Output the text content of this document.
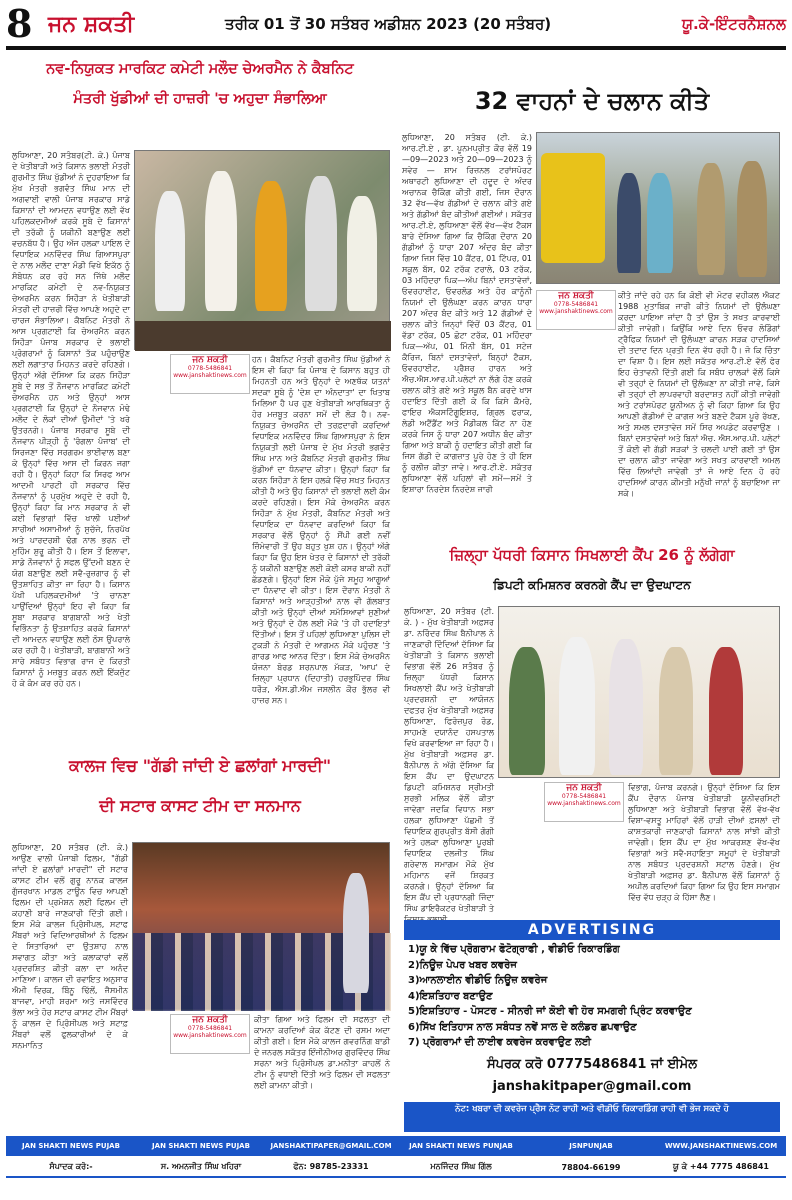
8 ਜਨ ਸ਼ਕਤੀ	ਤਰੀਕ 01 ਤੋਂ 30 ਸਤੰਬਰ ਅਡੀਸ਼ਨ 2023 (20 ਸਤੰਬਰ)	ਯੂ.ਕੇ-ਇੰਟਰਨੈਸ਼ਨਲ
ਨਵ-ਨਿਯੁਕਤ ਮਾਰਕਿਟ ਕਮੇਟੀ ਮਲੌਦ ਚੇਅਰਮੈਨ ਨੇ ਕੈਬਨਿਟ
ਮੰਤਰੀ ਖੁੱਡੀਆਂ ਦੀ ਹਾਜ਼ਰੀ 'ਚ ਅਹੁਦਾ ਸੰਭਾਲਿਆ
ਲੁਧਿਆਣਾ, 20 ਸਤੰਬਰ(ਟੀ. ਕੇ.) ਪੰਜਾਬ ਦੇ ਖੇਤੀਬਾੜੀ ਅਤੇ ਕਿਸਾਨ ਭਲਾਈ ਮੰਤਰੀ ਗੁਰਮੀਤ ਸਿੰਘ ਖੁੱਡੀਆਂ ਨੇ ਦੁਹਰਾਇਆ ਕਿ ਮੁੱਖ ਮੰਤਰੀ ਭਗਵੰਤ ਸਿੰਘ ਮਾਨ ਦੀ ਅਗਵਾਈ ਵਾਲੀ ਪੰਜਾਬ ਸਰਕਾਰ ਸਾਡੇ ਕਿਸਾਨਾਂ ਦੀ ਆਮਦਨ ਵਧਾਉਣ ਲਈ ਵੱਖ ਪਹਿਲਕਦਮੀਆਂ ਕਰਕੇ ਸੂਬੇ ਦੇ ਕਿਸਾਨਾਂ ਦੀ ਤਰੱਕੀ ਨੂੰ ਯਕੀਨੀ ਬਣਾਉਣ ਲਈ ਵਚਨਬੱਧ ਹੈ। ਉਹ ਅੱਜ ਹਲਕਾ ਪਾਇਲ ਦੇ ਵਿਧਾਇਕ ਮਨਵਿੰਦਰ ਸਿੰਘ ਗਿਆਸਪੁਰਾ ਦੇ ਨਾਲ ਮਲੌਦ ਦਾਣਾ ਮੰਡੀ ਵਿਖੇ ਇਕੱਠ ਨੂੰ ਸੰਬੋਧਨ ਕਰ ਰਹੇ ਸਨ ਜਿੱਥੇ ਮਲੌਦ ਮਾਰਕਿਟ ਕਮੇਟੀ ਦੇ ਨਵ-ਨਿਯੁਕਤ ਚੇਅਰਮੈਨ ਕਰਨ ਸਿਹੌੜਾ ਨੇ ਖੇਤੀਬਾੜੀ ਮੰਤਰੀ ਦੀ ਹਾਜ਼ਰੀ ਵਿੱਚ ਆਪਣੇ ਅਹੁਦੇ ਦਾ ਚਾਰਜ ਸੰਭਾਲਿਆ। ਕੈਬਨਿਟ ਮੰਤਰੀ ਨੇ ਆਸ ਪ੍ਰਗਟਾਈ ਕਿ ਚੇਅਰਮੈਨ ਕਰਨ ਸਿਹੌੜਾ ਪੰਜਾਬ ਸਰਕਾਰ ਦੇ ਭਲਾਈ ਪ੍ਰੋਗਰਾਮਾਂ ਨੂੰ ਕਿਸਾਨਾਂ ਤੱਕ ਪਹੁੰਚਾਉਣ ਲਈ ਲਗਾਤਾਰ ਮਿਹਨਤ ਕਰਦੇ ਰਹਿਣਗੇ। ਉਨ੍ਹਾਂ ਅੱਗੇ ਦੱਸਿਆ ਕਿ ਕਰਨ ਸਿਹੌੜਾ ਸੂਬੇ ਦੇ ਸਭ ਤੋਂ ਨੌਜਵਾਨ ਮਾਰਕਿਟ ਕਮੇਟੀ ਚੇਅਰਮੈਨ ਹਨ ਅਤੇ ਉਨ੍ਹਾਂ ਆਸ ਪ੍ਰਗਟਾਈ ਕਿ ਉਨ੍ਹਾਂ ਦੇ ਨੌਜਵਾਨ ਮੋਢੇ ਮਲੌਦ ਦੇ ਲੋਕਾਂ ਦੀਆਂ ਉਮੀਦਾਂ 'ਤੇ ਖਰੇ ਉਤਰਨਗੇ। ਪੰਜਾਬ ਸਰਕਾਰ ਸੂਬੇ ਦੀ ਨੌਜਵਾਨ ਪੀੜ੍ਹੀ ਨੂੰ 'ਰੰਗਲਾ ਪੰਜਾਬ' ਦੀ ਸਿਰਜਣਾ ਵਿੱਚ ਸਰਗਰਮ ਭਾਈਵਾਲ ਬਣਾ ਕੇ ਉਨ੍ਹਾਂ ਵਿੱਚ ਆਸ ਦੀ ਕਿਰਨ ਜਗਾ ਰਹੀ ਹੈ। ਉਨ੍ਹਾਂ ਕਿਹਾ ਕਿ ਸਿਰਫ ਆਮ ਆਦਮੀ ਪਾਰਟੀ ਹੀ ਸਰਕਾਰ ਵਿੱਚ ਨੌਜਵਾਨਾਂ ਨੂੰ ਪ੍ਰਮੁੱਖ ਅਹੁਦੇ ਦੇ ਰਹੀ ਹੈ, ਉਨ੍ਹਾਂ ਕਿਹਾ ਕਿ ਮਾਨ ਸਰਕਾਰ ਨੇ ਵੀ ਕਈ ਵਿਭਾਗਾਂ ਵਿੱਚ ਖਾਲੀ ਪਈਆਂ ਸਾਰੀਆਂ ਅਸਾਮੀਆਂ ਨੂੰ ਸੁਚੱਜੇ, ਨਿਰਪੱਖ ਅਤੇ ਪਾਰਦਰਸ਼ੀ ਢੰਗ ਨਾਲ ਭਰਨ ਦੀ ਮੁਹਿੰਮ ਸ਼ੁਰੂ ਕੀਤੀ ਹੈ। ਇਸ ਤੋਂ ਇਲਾਵਾ, ਸਾਡੇ ਨੌਜਵਾਨਾਂ ਨੂੰ ਸਫਲ ਉੱਦਮੀ ਬਣਨ ਦੇ ਯੋਗ ਬਣਾਉਣ ਲਈ ਸਵੈ-ਰੁਜ਼ਗਾਰ ਨੂੰ ਵੀ ਉਤਸ਼ਾਹਿਤ ਕੀਤਾ ਜਾ ਰਿਹਾ ਹੈ। ਕਿਸਾਨ ਪੱਖੀ ਪਹਿਲਕਦਮੀਆਂ 'ਤੇ ਚਾਨਣਾ ਪਾਉਂਦਿਆਂ ਉਨ੍ਹਾਂ ਇਹ ਵੀ ਕਿਹਾ ਕਿ ਸੂਬਾ ਸਰਕਾਰ ਬਾਗਬਾਨੀ ਅਤੇ ਖੇਤੀ ਵਿਭਿੰਨਤਾ ਨੂੰ ਉਤਸ਼ਾਹਿਤ ਕਰਕੇ ਕਿਸਾਨਾਂ ਦੀ ਆਮਦਨ ਵਧਾਉਣ ਲਈ ਠੋਸ ਉਪਰਾਲੇ ਕਰ ਰਹੀ ਹੈ। ਖੇਤੀਬਾੜੀ, ਬਾਗਬਾਨੀ ਅਤੇ ਸਾਰੇ ਸਬੰਧਤ ਵਿਭਾਗ ਰਾਜ ਦੇ ਕਿਰਤੀ ਕਿਸਾਨਾਂ ਨੂੰ ਮਜ਼ਬੂਤ ਕਰਨ ਲਈ ਇੱਕਜੁੱਟ ਹੋ ਕੇ ਕੰਮ ਕਰ ਰਹੇ ਹਨ।
ਜਨ ਸ਼ਕਤੀ
0778-5486841
www.janshaktinews.com
ਹਨ। ਕੈਬਨਿਟ ਮੰਤਰੀ ਗੁਰਮੀਤ ਸਿੰਘ ਖੁੱਡੀਆਂ ਨੇ ਇਸ ਵੀ ਕਿਹਾ ਕਿ ਪੰਜਾਬ ਦੇ ਕਿਸਾਨ ਬਹੁਤ ਹੀ ਮਿਹਨਤੀ ਹਨ ਅਤੇ ਉਨ੍ਹਾਂ ਦੇ ਅਣਥੱਕ ਯਤਨਾਂ ਸਦਕਾ ਸੂਬੇ ਨੂੰ 'ਦੇਸ਼ ਦਾ ਅੰਨਦਾਤਾ' ਦਾ ਖਿਤਾਬ ਮਿਲਿਆ ਹੈ ਪਰ ਹੁਣ ਖੇਤੀਬਾੜੀ ਆਰਥਿਕਤਾ ਨੂੰ ਹੋਰ ਮਜ਼ਬੂਤ ਕਰਨਾ ਸਮੇਂ ਦੀ ਲੋੜ ਹੈ। ਨਵ-ਨਿਯੁਕਤ ਚੇਅਰਮੈਨ ਦੀ ਤਰਫ਼ਦਾਰੀ ਕਰਦਿਆਂ ਵਿਧਾਇਕ ਮਨਵਿੰਦਰ ਸਿੰਘ ਗਿਆਸਪੁਰਾ ਨੇ ਇਸ ਨਿਯੁਕਤੀ ਲਈ ਪੰਜਾਬ ਦੇ ਮੁੱਖ ਮੰਤਰੀ ਭਗਵੰਤ ਸਿੰਘ ਮਾਨ ਅਤੇ ਕੈਬਨਿਟ ਮੰਤਰੀ ਗੁਰਮੀਤ ਸਿੰਘ ਖੁੱਡੀਆਂ ਦਾ ਧੰਨਵਾਦ ਕੀਤਾ। ਉਨ੍ਹਾਂ ਕਿਹਾ ਕਿ ਕਰਨ ਸਿਹੌੜਾ ਨੇ ਇਸ ਹਲਕੇ ਵਿੱਚ ਸਖ਼ਤ ਮਿਹਨਤ ਕੀਤੀ ਹੈ ਅਤੇ ਉਹ ਕਿਸਾਨਾਂ ਦੀ ਭਲਾਈ ਲਈ ਕੰਮ ਕਰਦੇ ਰਹਿਣਗੇ। ਇਸ ਮੌਕੇ ਚੇਅਰਮੈਨ ਕਰਨ ਸਿਹੌੜਾ ਨੇ ਮੁੱਖ ਮੰਤਰੀ, ਕੈਬਨਿਟ ਮੰਤਰੀ ਅਤੇ ਵਿਧਾਇਕ ਦਾ ਧੰਨਵਾਦ ਕਰਦਿਆਂ ਕਿਹਾ ਕਿ ਸਰਕਾਰ ਵੱਲੋਂ ਉਨ੍ਹਾਂ ਨੂੰ ਸੌਂਪੀ ਗਈ ਨਵੀਂ ਜ਼ਿੰਮੇਵਾਰੀ ਤੋਂ ਉਹ ਬਹੁਤ ਖੁਸ਼ ਹਨ। ਉਨ੍ਹਾਂ ਅੱਗੇ ਕਿਹਾ ਕਿ ਉਹ ਇਸ ਖੇਤਰ ਦੇ ਕਿਸਾਨਾਂ ਦੀ ਤਰੱਕੀ ਨੂੰ ਯਕੀਨੀ ਬਣਾਉਣ ਲਈ ਕੋਈ ਕਸਰ ਬਾਕੀ ਨਹੀਂ ਛੱਡਣਗੇ। ਉਨ੍ਹਾਂ ਇਸ ਮੌਕੇ ਪੁੱਜੇ ਸਮੂਹ ਆਗੂਆਂ ਦਾ ਧੰਨਵਾਦ ਵੀ ਕੀਤਾ। ਇਸ ਦੌਰਾਨ ਮੰਤਰੀ ਨੇ ਕਿਸਾਨਾਂ ਅਤੇ ਆੜ੍ਹਤੀਆਂ ਨਾਲ ਵੀ ਗੱਲਬਾਤ ਕੀਤੀ ਅਤੇ ਉਨ੍ਹਾਂ ਦੀਆਂ ਸਮੱਸਿਆਵਾਂ ਸੁਣੀਆਂ ਅਤੇ ਉਨ੍ਹਾਂ ਦੇ ਹੱਲ ਲਈ ਮੌਕੇ 'ਤੇ ਹੀ ਹਦਾਇਤਾਂ ਦਿੱਤੀਆਂ। ਇਸ ਤੋਂ ਪਹਿਲਾਂ ਲੁਧਿਆਣਾ ਪੁਲਿਸ ਦੀ ਟੁਕੜੀ ਨੇ ਮੰਤਰੀ ਦੇ ਆਗਮਨ ਮੌਕੇ ਪਹੁੰਚਣ 'ਤੇ ਗਾਰਡ ਆਫ ਆਨਰ ਦਿੱਤਾ। ਇਸ ਮੌਕੇ ਚੇਅਰਮੈਨ ਯੋਜਨਾ ਬੋਰਡ ਸ਼ਰਨਪਾਲ ਮੱਕੜ, 'ਆਪ' ਦੇ ਜ਼ਿਲ੍ਹਾ ਪ੍ਰਧਾਨ (ਦਿਹਾਤੀ) ਹਰਭੁਪਿੰਦਰ ਸਿੰਘ ਧਰੌੜ, ਐਸ.ਡੀ.ਐਮ ਜਸਲੀਨ ਕੌਰ ਭੁੱਲਰ ਵੀ ਹਾਜ਼ਰ ਸਨ।
ਕਾਲਜ ਵਿਚ "ਗੱਡੀ ਜਾਂਦੀ ਏ ਛਲਾਂਗਾਂ ਮਾਰਦੀ"
ਦੀ ਸਟਾਰ ਕਾਸਟ ਟੀਮ ਦਾ ਸਨਮਾਨ
ਲੁਧਿਆਣਾ, 20 ਸਤੰਬਰ (ਟੀ. ਕੇ.) ਆਉਣ ਵਾਲੀ ਪੰਜਾਬੀ ਫਿਲਮ, "ਗੱਡੀ ਜਾਂਦੀ ਏ ਛਲਾਂਗਾਂ ਮਾਰਦੀ" ਦੀ ਸਟਾਰ ਕਾਸਟ ਟੀਮ ਵਲੋਂ ਗੁਰੂ ਨਾਨਕ ਕਾਲਜ ਗੁੱਜਰਖਾਨ ਮਾਡਲ ਟਾਊਨ ਵਿਚ ਆਪਣੀ ਫਿਲਮ ਦੀ ਪ੍ਰਮੋਸ਼ਨ ਲਈ ਫਿਲਮ ਦੀ ਕਹਾਣੀ ਬਾਰੇ ਜਾਣਕਾਰੀ ਦਿੱਤੀ ਗਈ। ਇਸ ਮੌਕੇ ਕਾਲਜ ਪ੍ਰਿੰਸੀਪਲ, ਸਟਾਫ ਮੈਂਬਰਾਂ ਅਤੇ ਵਿਦਿਆਰਥੀਆਂ ਨੇ ਫਿਲਮ ਦੇ ਸਿਤਾਰਿਆਂ ਦਾ ਉਤਸ਼ਾਹ ਨਾਲ ਸਵਾਗਤ ਕੀਤਾ ਅਤੇ ਕਲਾਕਾਰਾਂ ਵਲੋਂ ਪ੍ਰਦਰਸ਼ਿਤ ਕੀਤੀ ਕਲਾ ਦਾ ਅਨੰਦ ਮਾਣਿਆ। ਕਾਲਜ ਦੀ ਰਵਾਇਤ ਅਨੁਸਾਰ ਐਮੀ ਵਿਰਕ, ਬਿੰਨੂ ਢਿੱਲੋਂ, ਜੈਸਮੀਨ ਬਾਜਵਾ, ਮਾਹੀ ਸ਼ਰਮਾ ਅਤੇ ਜਸਵਿੰਦਰ ਭੱਲਾ ਅਤੇ ਹੋਰ ਸਟਾਰ ਕਾਸਟ ਟੀਮ ਮੈਂਬਰਾਂ ਨੂੰ ਕਾਲਜ ਦੇ ਪ੍ਰਿੰਸੀਪਲ ਅਤੇ ਸਟਾਫ਼ ਮੈਂਬਰਾਂ ਵਲੋਂ ਫੁਲਕਾਰੀਆਂ ਦੇ ਕੇ ਸਨਮਾਨਿਤ
ਜਨ ਸ਼ਕਤੀ
0778-5486841
www.janshaktinews.com
ਕੀਤਾ ਗਿਆ ਅਤੇ ਫਿਲਮ ਦੀ ਸਫਲਤਾ ਦੀ ਕਾਮਨਾ ਕਰਦਿਆਂ ਕੇਕ ਕੱਟਣ ਦੀ ਰਸਮ ਅਦਾ ਕੀਤੀ ਗਈ। ਇਸ ਮੌਕੇ ਕਾਲਜ ਗਵਰਨਿੰਗ ਬਾਡੀ ਦੇ ਜਨਰਲ ਸਕੱਤਰ ਇੰਜੀਨੀਅਰ ਗੁਰਵਿੰਦਰ ਸਿੰਘ ਸਰਨਾ ਅਤੇ ਪ੍ਰਿੰਸੀਪਲ ਡਾ.ਮਨੀਤਾ ਕਾਹਲੋਂ ਨੇ ਟੀਮ ਨੂੰ ਵਧਾਈ ਦਿੱਤੀ ਅਤੇ ਫਿਲਮ ਦੀ ਸਫਲਤਾ ਲਈ ਕਾਮਨਾ ਕੀਤੀ।
32 ਵਾਹਨਾਂ ਦੇ ਚਲਾਨ ਕੀਤੇ
ਲੁਧਿਆਣਾ, 20 ਸਤੰਬਰ (ਟੀ. ਕੇ.) ਆਰ.ਟੀ.ਏ , ਡਾ. ਪੂਨਮਪ੍ਰੀਤ ਕੌਰ ਵੱਲੋਂ 19—09—2023 ਅਤੇ 20—09—2023 ਨੂੰ ਸਵੇਰ — ਸ਼ਾਮ ਰਿਜ਼ਨਲ ਟਰਾਂਸਪੋਰਟ ਅਥਾਰਟੀ ਲੁਧਿਆਣਾ ਦੀ ਹਦੂਦ ਦੇ ਅੰਦਰ ਅਚਾਨਕ ਚੈਕਿੰਗ ਕੀਤੀ ਗਈ, ਜਿਸ ਦੌਰਾਨ 32 ਵੱਖ—ਵੱਖ ਗੱਡੀਆਂ ਦੇ ਚਲਾਨ ਕੀਤੇ ਗਏ ਅਤੇ ਗੱਡੀਆਂ ਬੰਦ ਕੀਤੀਆਂ ਗਈਆਂ। ਸਕੱਤਰ ਆਰ.ਟੀ.ਏ, ਲੁਧਿਆਣਾ ਵੱਲੋਂ ਵੱਖ—ਵੱਖ ਟੈਕਸ ਬਾਰੇ ਦੱਸਿਆ ਗਿਆ ਕਿ ਚੈਕਿੰਗ ਦੌਰਾਨ 20 ਗੱਡੀਆਂ ਨੂੰ ਧਾਰਾ 207 ਅੰਦਰ ਬੰਦ ਕੀਤਾ ਗਿਆ ਜਿਸ ਵਿੱਚ 10 ਕੈਂਟਰ, 01 ਟਿੱਪਰ, 01 ਸਕੂਲ ਬੱਸ, 02 ਟਰੱਕ ਟਰਾਲੇ, 03 ਟਰੱਕ, 03 ਮਹਿੰਦਰਾ ਪਿਕ—ਅੱਪ ਬਿਨਾਂ ਦਸਤਾਵੇਜ਼ਾਂ, ਓਵਰਹਾਈਟ, ਓਵਰਲੋਡ ਅਤੇ ਹੋਰ ਕਾਨੂੰਨੀ ਨਿਯਮਾਂ ਦੀ ਉਲੰਘਣਾ ਕਰਨ ਕਾਰਨ ਧਾਰਾ 207 ਅੰਦਰ ਬੰਦ ਕੀਤੇ ਅਤੇ 12 ਗੱਡੀਆਂ ਦੇ ਚਲਾਨ ਕੀਤੇ ਜਿਨ੍ਹਾਂ ਵਿੱਚੋਂ 03 ਕੈਂਟਰ, 01 ਵੱਡਾ ਟਰੱਕ, 05 ਛੋਟਾ ਟਰੱਕ, 01 ਮਹਿੰਦਰਾ ਪਿਕ—ਅੱਪ, 01 ਮਿੰਨੀ ਬੱਸ, 01 ਸਟੇਜ ਕੈਰਿਜ, ਬਿਨਾਂ ਦਸਤਾਵੇਜ਼ਾਂ, ਬਿਨ੍ਹਾਂ ਟੈਕਸ, ਓਵਰਹਾਈਟ, ਪ੍ਰੈਸ਼ਰ ਹਾਰਨ ਅਤੇ ਐਚ.ਐਸ.ਆਰ.ਪੀ.ਪਲੇਟਾਂ ਨਾ ਲੱਗੇ ਹੋਣ ਕਰਕੇ ਚਲਾਨ ਕੀਤੇ ਗਏ ਅਤੇ ਸਕੂਲ ਬੈਨ ਕਰਦੇ ਖਾਸ ਹਦਾਇਤ ਦਿੱਤੀ ਗਈ ਕੇ ਕਿ ਕਿਸੇ ਕੈਮਰੇ, ਫਾਇਰ ਐਕਸਟਿੰਗੂਇਸ਼ਰ, ਗ੍ਰਿਲ ਫਰਾਕ, ਲੇਡੀ ਅਟੈਂਡੈਂਟ ਅਤੇ ਮੈਡੀਕਲ ਕਿੱਟ ਨਾ ਹੋਣ ਕਰਕੇ ਜਿਸ ਨੂੰ ਧਾਰਾ 207 ਅਧੀਨ ਬੰਦ ਕੀਤਾ ਗਿਆ ਅਤੇ ਬਾਕੀ ਨੂੰ ਹਦਾਇਤ ਕੀਤੀ ਗਈ ਕਿ ਜਿਸ ਗੱਡੀ ਦੇ ਕਾਗਜ਼ਾਤ ਪੂਰੇ ਹੋਣ ਤੇ ਹੀ ਇਸ ਨੂੰ ਰਲੀਜ਼ ਕੀਤਾ ਜਾਵੇ। ਆਰ.ਟੀ.ਏ. ਸਕੱਤਰ ਲੁਧਿਆਣਾ ਵੱਲੋਂ ਪਹਿਲਾਂ ਵੀ ਸਮੇਂ—ਸਮੇਂ ਤੇ ਇਸ਼ਾਰਾ ਨਿਰਦੇਸ਼ ਨਿਰਦੇਸ਼ ਜਾਰੀ
ਜਨ ਸ਼ਕਤੀ
0778-5486841
www.janshaktinews.com
ਕੀਤੇ ਜਾਂਦੇ ਰਹੇ ਹਨ ਕਿ ਕੋਈ ਵੀ ਮੋਟਰ ਵਹੀਕਲ ਐਕਟ 1988 ਮੁਤਾਬਿਕ ਜਾਰੀ ਕੀਤੇ ਨਿਯਮਾਂ ਦੀ ਉਲੰਘਣਾ ਕਰਦਾ ਪਾਇਆ ਜਾਂਦਾ ਹੈ ਤਾਂ ਉਸ ਤੇ ਸਖਤ ਕਾਰਵਾਈ ਕੀਤੀ ਜਾਵੇਗੀ। ਕਿਉਂਕਿ ਆਏ ਦਿਨ ਓਵਰ ਲੋਡਿੰਗਾਂ ਟ੍ਰੈਫਿਕ ਨਿਯਮਾਂ ਦੀ ਉਲੰਘਣਾ ਕਾਰਨ ਸੜਕ ਹਾਦਸਿਆਂ ਦੀ ਤਦਾਦ ਦਿਨ ਪ੍ਰਤੀ ਦਿਨ ਵੱਧ ਰਹੀ ਹੈ। ਜੋ ਕਿ ਚਿੰਤਾ ਦਾ ਵਿਸ਼ਾ ਹੈ। ਇਸ ਲਈ ਸਕੱਤਰ ਆਰ.ਟੀ.ਏ ਵੱਲੋਂ ਫੇਰ ਇਹ ਚੇਤਾਵਨੀ ਦਿੱਤੀ ਗਈ ਕਿ ਸਬੰਧ ਚਾਲਕਾਂ ਵੱਲੋਂ ਕਿਸੇ ਵੀ ਤਰ੍ਹਾਂ ਦੇ ਨਿਯਮਾਂ ਦੀ ਉਲੰਘਣਾ ਨਾ ਕੀਤੀ ਜਾਵੇ, ਕਿਸੇ ਵੀ ਤਰ੍ਹਾਂ ਦੀ ਲਾਪਰਵਾਹੀ ਬਰਦਾਸ਼ਤ ਨਹੀਂ ਕੀਤੀ ਜਾਵੇਗੀ ਅਤੇ ਟਰਾਂਸਪੋਰਟ ਯੂਨੀਅਨ ਨੂੰ ਵੀ ਕਿਹਾ ਗਿਆ ਕਿ ਉਹ ਆਪਣੀ ਗੱਡੀਆਂ ਦੇ ਕਾਗਜ਼ ਅਤੇ ਬਣਦੇ ਟੈਕਸ ਪੂਰੇ ਰੱਖਣ, ਅਤੇ ਸਮਲ ਦਸਤਾਵੇਜ਼ ਸਮੇਂ ਸਿਰ ਅਪਡੇਟ ਕਰਵਾਉਣ । ਬਿਨਾਂ ਦਸਤਾਵੇਜ਼ਾਂ ਅਤੇ ਬਿਨਾਂ ਐਚ. ਐਸ.ਆਰ.ਪੀ. ਪਲੇਟਾਂ ਤੋਂ ਕੋਈ ਵੀ ਗੱਡੀ ਸੜਕਾਂ ਤੇ ਚਲਦੀ ਪਾਈ ਗਈ ਤਾਂ ਉਸ ਦਾ ਚਲਾਨ ਕੀਤਾ ਜਾਵੇਗਾ ਅਤੇ ਸਖਤ ਕਾਰਵਾਈ ਅਮਲ ਵਿੱਚ ਲਿਆਂਦੀ ਜਾਵੇਗੀ ਤਾਂ ਜੋ ਆਏ ਦਿਨ ਹੋ ਰਹੇ ਹਾਦਸਿਆਂ ਕਾਰਨ ਕੀਮਤੀ ਮਨੁੱਖੀ ਜਾਨਾਂ ਨੂੰ ਬਚਾਇਆ ਜਾ ਸਕੇ।
ਜ਼ਿਲ੍ਹਾ ਪੱਧਰੀ ਕਿਸਾਨ ਸਿਖਲਾਈ ਕੈਂਪ 26 ਨੂੰ ਲੱਗੇਗਾ
ਡਿਪਟੀ ਕਮਿਸ਼ਨਰ ਕਰਨਗੇ ਕੈਂਪ ਦਾ ਉਦਘਾਟਨ
ਲੁਧਿਆਣਾ, 20 ਸਤੰਬਰ (ਟੀ. ਕੇ. ) - ਮੁੱਖ ਖੇਤੀਬਾੜੀ ਅਫ਼ਸਰ ਡਾ. ਨਰਿੰਦਰ ਸਿੰਘ ਬੈਨੀਪਾਲ ਨੇ ਜਾਣਕਾਰੀ ਦਿੰਦਿਆਂ ਦੱਸਿਆ ਕਿ ਖੇਤੀਬਾੜੀ ਤੇ ਕਿਸਾਨ ਭਲਾਈ ਵਿਭਾਗ ਵੱਲੋਂ 26 ਸਤੰਬਰ ਨੂੰ ਜ਼ਿਲ੍ਹਾ ਪੱਧਰੀ ਕਿਸਾਨ ਸਿਖਲਾਈ ਕੈਂਪ ਅਤੇ ਖੇਤੀਬਾੜੀ ਪ੍ਰਦਰਸ਼ਨੀ ਦਾ ਆਯੋਜਨ ਦਫਤਰ ਮੁੱਖ ਖੇਤੀਬਾੜੀ ਅਫ਼ਸਰ ਲੁਧਿਆਣਾ, ਫਿਰੋਜ਼ਪੁਰ ਰੋਡ, ਸਾਹਮਣੇ ਦਯਾਨੰਦ ਹਸਪਤਾਲ ਵਿਖੇ ਕਰਵਾਇਆ ਜਾ ਰਿਹਾ ਹੈ। ਮੁੱਖ ਖੇਤੀਬਾੜੀ ਅਫ਼ਸਰ ਡਾ. ਬੈਨੀਪਾਲ ਨੇ ਅੱਗੇ ਦੱਸਿਆ ਕਿ ਇਸ ਕੈਂਪ ਦਾ ਉਦਘਾਟਨ ਡਿਪਟੀ ਕਮਿਸ਼ਨਰ ਸ੍ਰੀਮਤੀ ਸੁਰਭੀ ਮਲਿਕ ਵੱਲੋਂ ਕੀਤਾ ਜਾਵੇਗਾ ਜਦਕਿ ਵਿਧਾਨ ਸਭਾ ਹਲਕਾ ਲੁਧਿਆਣਾ ਪੱਛਮੀ ਤੋਂ ਵਿਧਾਇਕ ਗੁਰਪ੍ਰੀਤ ਬੱਸੀ ਗੋਗੀ ਅਤੇ ਹਲਕਾ ਲੁਧਿਆਣਾ ਪੂਰਬੀ ਵਿਧਾਇਕ ਦਲਜੀਤ ਸਿੰਘ ਗਰੇਵਾਲ ਸਮਾਗਮ ਮੌਕੇ ਮੁੱਖ ਮਹਿਮਾਨ ਵਜੋਂ ਸ਼ਿਰਕਤ ਕਰਨਗੇ। ਉਨ੍ਹਾਂ ਦੱਸਿਆ ਕਿ ਇਸ ਕੈਂਪ ਦੀ ਪ੍ਰਧਾਨਗੀ ਜਿੰਦਾ ਸਿੰਘ ਡਾਇਰੈਕਟਰ ਖੇਤੀਬਾੜੀ ਤੇ
ਜਨ ਸ਼ਕਤੀ
0778-5486841
www.janshaktinews.com
ਵਿਭਾਗ, ਪੰਜਾਬ ਕਰਨਗੇ। ਉਨ੍ਹਾਂ ਦੱਸਿਆ ਕਿ ਇਸ ਕੈਂਪ ਦੌਰਾਨ ਪੰਜਾਬ ਖੇਤੀਬਾੜੀ ਯੂਨੀਵਰਸਿਟੀ ਲੁਧਿਆਣਾ ਅਤੇ ਖੇਤੀਬਾੜੀ ਵਿਭਾਗ ਵੱਲੋਂ ਵੱਖ-ਵੱਖ ਵਿਸ਼ਾ-ਵਸਤੂ ਮਾਹਿਰਾਂ ਵੱਲੋਂ ਹਾੜੀ ਦੀਆਂ ਫ਼ਸਲਾਂ ਦੀ ਕਾਸ਼ਤਕਾਰੀ ਜਾਣਕਾਰੀ ਕਿਸਾਨਾਂ ਨਾਲ ਸਾਂਝੀ ਕੀਤੀ ਜਾਵੇਗੀ। ਇਸ ਕੈਂਪ ਦਾ ਮੁੱਖ ਆਕਰਸ਼ਣ ਵੱਖ-ਵੱਖ ਵਿਭਾਗਾਂ ਅਤੇ ਸਵੈ-ਸਹਾਇਤਾ ਸਮੂਹਾਂ ਦੇ ਖੇਤੀਬਾੜੀ ਨਾਲ ਸਬੰਧਤ ਪ੍ਰਦਰਸ਼ਨੀ ਸਟਾਲ ਹੋਣਗੇ। ਮੁੱਖ ਖੇਤੀਬਾੜੀ ਅਫ਼ਸਰ ਡਾ. ਬੈਨੀਪਾਲ ਵੱਲੋਂ ਕਿਸਾਨਾਂ ਨੂੰ ਅਪੀਲ ਕਰਦਿਆਂ ਕਿਹਾ ਗਿਆ ਕਿ ਉਹ ਇਸ ਸਮਾਗਮ ਵਿੱਚ ਵੱਧ ਚੜ੍ਹ ਕੇ ਹਿੱਸਾ ਲੈਣ।
ADVERTISING
1)ਯੂ ਕੇ ਵਿੱਚ ਪ੍ਰੋਗਰਾਮ ਫੋਟੋਗ੍ਰਾਫੀ , ਵੀਡੀਓ ਰਿਕਾਰਡਿੰਗ
2)ਨਿਊਜ਼ ਪੇਪਰ ਖਬਰ ਕਵਰੇਜ
3)ਆਨਲਾਈਨ ਵੀਡੀਓ ਨਿਊਜ਼ ਕਵਰੇਜ
4)ਇਸ਼ਤਿਹਾਰ ਬਣਾਉਣ
5)ਇਸ਼ਤਿਹਾਰ - ਪੋਸਟਰ - ਸੀਨਰੀ ਜਾਂ ਕੋਈ ਵੀ ਹੋਰ ਸਮਗਰੀ ਪ੍ਰਿੰਟ ਕਰਵਾਉਣ
6)ਸਿੱਖ ਇਤਿਹਾਸ ਨਾਲ ਸਬੰਧਤ ਨਵੇਂ ਸਾਲ ਦੇ ਕਲੰਡਰ ਛਪਵਾਉਣ
7) ਪ੍ਰੋਗਰਾਮਾਂ ਦੀ ਲਾਈਵ ਕਵਰੇਜ ਕਰਵਾਉਣ ਲਈ
ਸੰਪਰਕ ਕਰੋ 07775486841 ਜਾਂ ਈਮੇਲ
janshakitpaper@gmail.com
ਨੋਟ: ਖਬਰਾ ਦੀ ਕਵਰੇਜ ਪ੍ਰੈਸ ਨੋਟ ਰਾਹੀ ਅਤੇ ਵੀਡੀਓ ਰਿਕਾਰਡਿੰਗ ਰਾਹੀ ਵੀ ਭੇਜ ਸਕਦੇ ਹੋ
JAN SHAKTI NEWS PUJAB	JAN SHAKTI NEWS PUJAB	JANSHAKTIPAPER@GMAIL.COM	JAN SHAKTI NEWS PUNJAB	JSNPUNJAB	WWW.JANSHAKTINEWS.COM
ਸੰਪਾਦਕ ਕਰੋ:-	ਸ. ਅਮਨਜੀਤ ਸਿੰਘ ਖਹਿਰਾ	ਫੋਨ: 98785-23331	ਮਨਜਿੰਦਰ ਸਿੰਘ ਗਿੱਲ	78804-66199	ਯੂ ਕੇ +44 7775 486841
